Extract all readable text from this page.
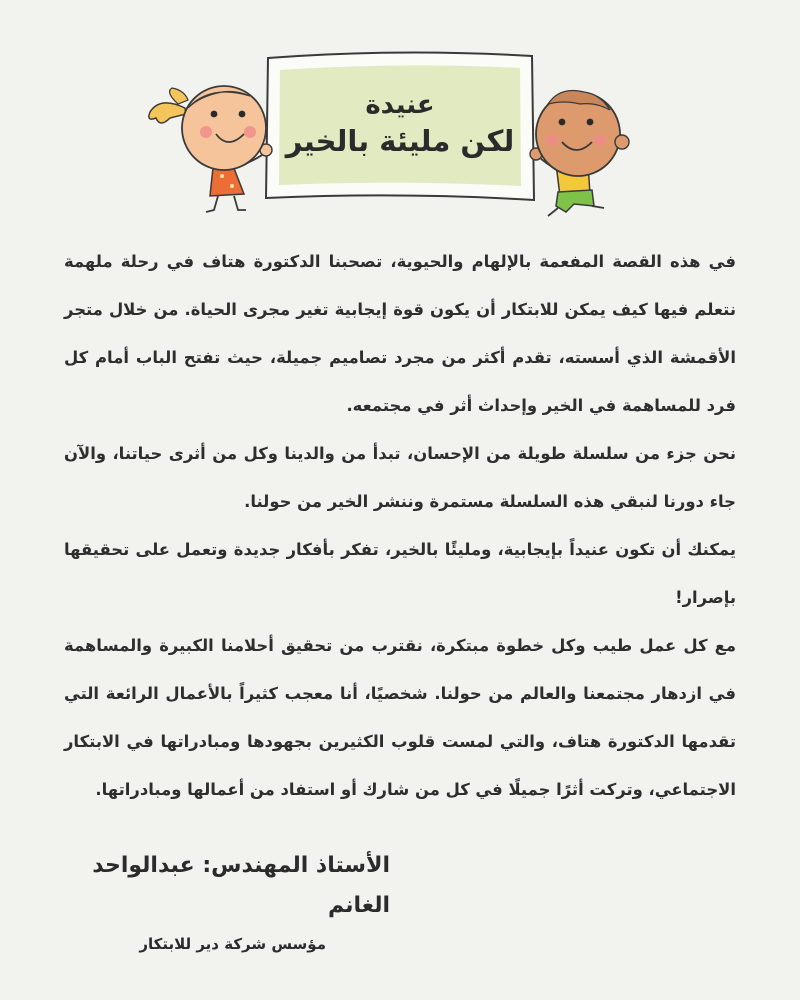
عنيدة
لكن مليئة بالخير

في هذه القصة المفعمة بالإلهام والحيوية، تصحبنا الدكتورة هتاف في رحلة ملهمة نتعلم فيها كيف يمكن للابتكار أن يكون قوة إيجابية تغير مجرى الحياة. من خلال متجر الأقمشة الذي أسسته، تقدم أكثر من مجرد تصاميم جميلة، حيث تفتح الباب أمام كل فرد للمساهمة في الخير وإحداث أثر في مجتمعه.

نحن جزء من سلسلة طويلة من الإحسان، تبدأ من والدينا وكل من أثرى حياتنا، والآن جاء دورنا لنبقي هذه السلسلة مستمرة وننشر الخير من حولنا.

يمكنك أن تكون عنيداً بإيجابية، ومليئًا بالخير، تفكر بأفكار جديدة وتعمل على تحقيقها بإصرار!

مع كل عمل طيب وكل خطوة مبتكرة، نقترب من تحقيق أحلامنا الكبيرة والمساهمة في ازدهار مجتمعنا والعالم من حولنا. شخصيًا، أنا معجب كثيراً بالأعمال الرائعة التي تقدمها الدكتورة هتاف، والتي لمست قلوب الكثيرين بجهودها ومبادراتها في الابتكار الاجتماعي، وتركت أثرًا جميلًا في كل من شارك أو استفاد من أعمالها ومبادراتها.

الأستاذ المهندس: عبدالواحد الغانم
مؤسس شركة دير للابتكار
